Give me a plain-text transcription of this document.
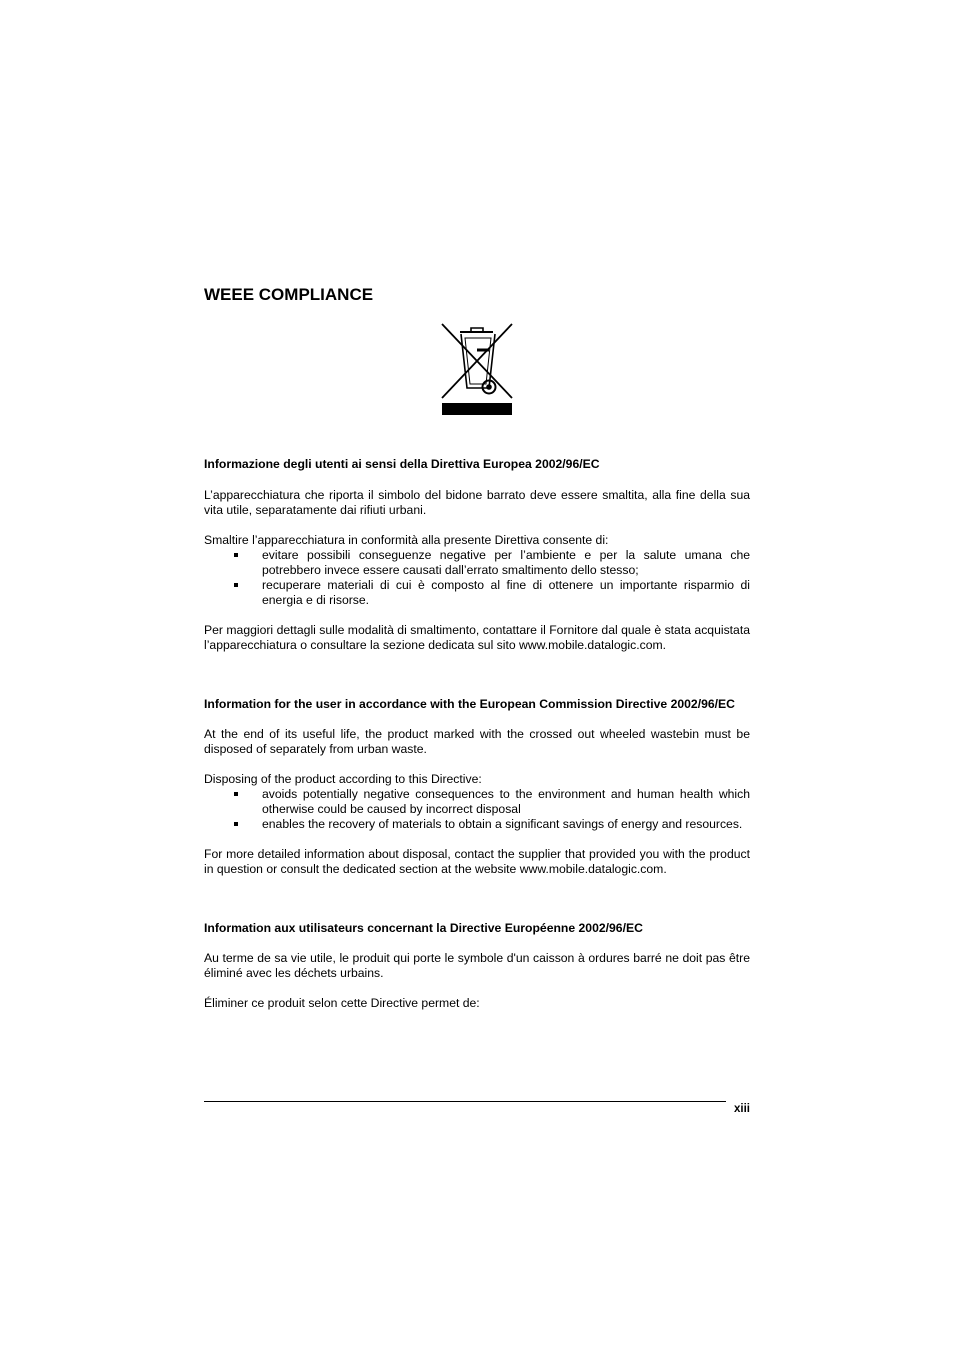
WEEE COMPLIANCE

Informazione degli utenti ai sensi della Direttiva Europea 2002/96/EC

L’apparecchiatura che riporta il simbolo del bidone barrato deve essere smaltita, alla fine della sua vita utile, separatamente dai rifiuti urbani.

Smaltire l’apparecchiatura in conformità alla presente Direttiva consente di:

evitare possibili conseguenze negative per l’ambiente e per la salute umana che potrebbero invece essere causati dall’errato smaltimento dello stesso;
recuperare materiali di cui è composto al fine di ottenere un importante risparmio di energia e di risorse.

Per maggiori dettagli sulle modalità di smaltimento, contattare il Fornitore dal quale è stata acquistata l’apparecchiatura o consultare la sezione dedicata sul sito www.mobile.datalogic.com.

Information for the user in accordance with the European Commission Directive 2002/96/EC

At the end of its useful life, the product marked with the crossed out wheeled wastebin must be disposed of separately from urban waste.

Disposing of the product according to this Directive:

avoids potentially negative consequences to the environment and human health which otherwise could be caused by incorrect disposal
enables the recovery of materials to obtain a significant savings of energy and resources.

For more detailed information about disposal, contact the supplier that provided you with the product in question or consult the dedicated section at the website www.mobile.datalogic.com.

Information aux utilisateurs concernant la Directive Européenne 2002/96/EC

Au terme de sa vie utile, le produit qui porte le symbole d'un caisson à ordures barré ne doit pas être éliminé avec les déchets urbains.

Éliminer ce produit selon cette Directive permet de:

xiii
